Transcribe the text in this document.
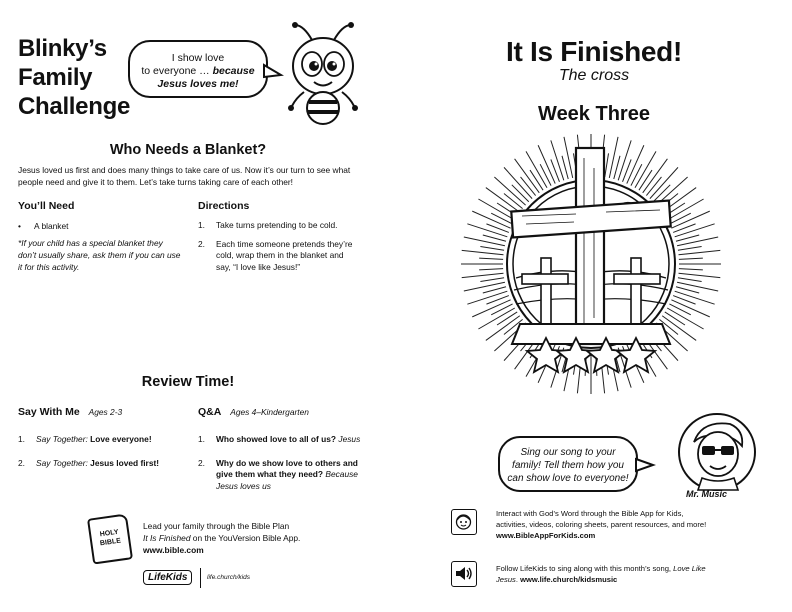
Blinky’s
Family
Challenge
I show love
to everyone … because
Jesus loves me!
Who Needs a Blanket?
Jesus loved us first and does many things to take care of us. Now it’s our turn to see what people need and give it to them. Let’s take turns taking care of each other!
You’ll Need
•	A blanket
*If your child has a special blanket they don’t usually share, ask them if you can use it for this activity.
Directions
1.	Take turns pretending to be cold.
2.	Each time someone pretends they’re cold, wrap them in the blanket and say, “I love like Jesus!”
Review Time!
Say With Me Ages 2-3
1.	Say Together: Love everyone!
2.	Say Together: Jesus loved first!
Q&A Ages 4–Kindergarten
1.	Who showed love to all of us? Jesus
2.	Why do we show love to others and give them what they need? Because Jesus loves us
HOLY
BIBLE
Lead your family through the Bible Plan
It Is Finished on the YouVersion Bible App.
www.bible.com
LifeKids	life.church/kids
It Is Finished!
The cross
Week Three
Sing our song to your
family! Tell them how you
can show love to everyone!
Mr. Music
Interact with God’s Word through the Bible App for Kids,
activities, videos, coloring sheets, parent resources, and more!
www.BibleAppForKids.com
Follow LifeKids to sing along with this month’s song, Love Like
Jesus. www.life.church/kidsmusic
